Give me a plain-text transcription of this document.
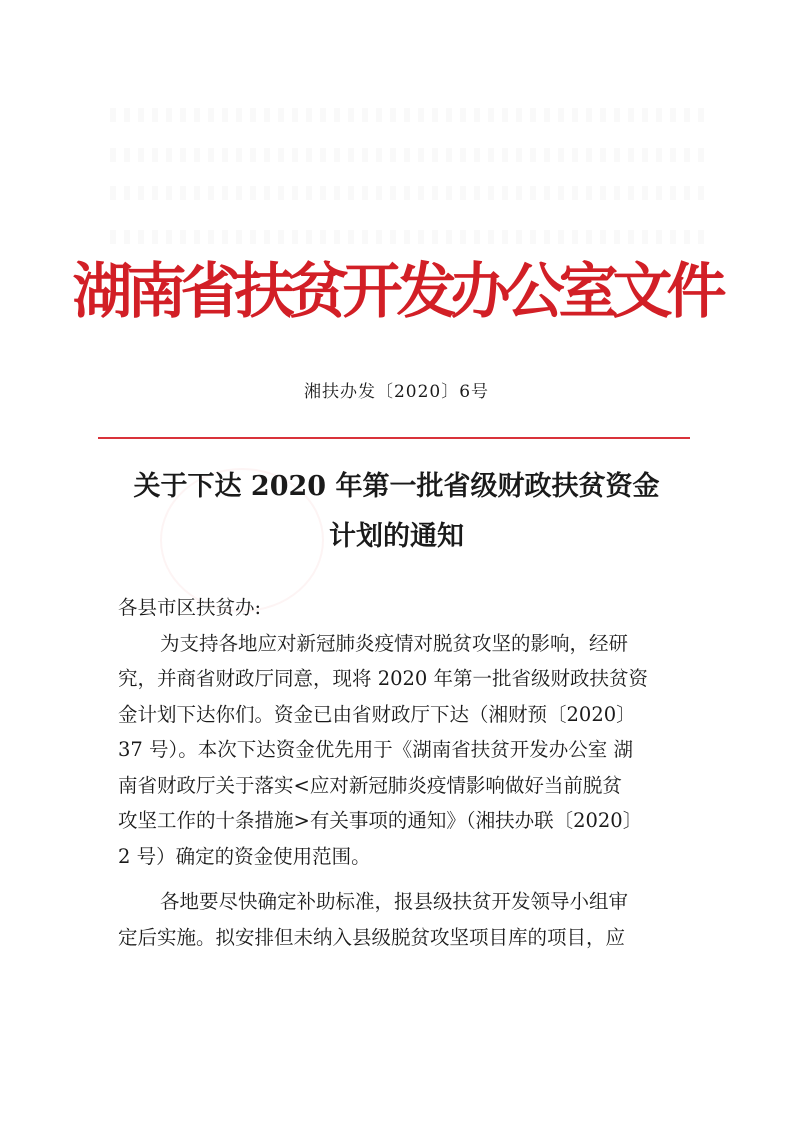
湖南省扶贫开发办公室文件
湘扶办发〔2020〕6号
关于下达 2020 年第一批省级财政扶贫资金
计划的通知
各县市区扶贫办:
为支持各地应对新冠肺炎疫情对脱贫攻坚的影响，经研
究，并商省财政厅同意，现将 2020 年第一批省级财政扶贫资
金计划下达你们。资金已由省财政厅下达（湘财预〔2020〕
37 号）。本次下达资金优先用于《湖南省扶贫开发办公室 湖
南省财政厅关于落实<应对新冠肺炎疫情影响做好当前脱贫
攻坚工作的十条措施>有关事项的通知》（湘扶办联〔2020〕
2 号）确定的资金使用范围。
各地要尽快确定补助标准，报县级扶贫开发领导小组审
定后实施。拟安排但未纳入县级脱贫攻坚项目库的项目，应
